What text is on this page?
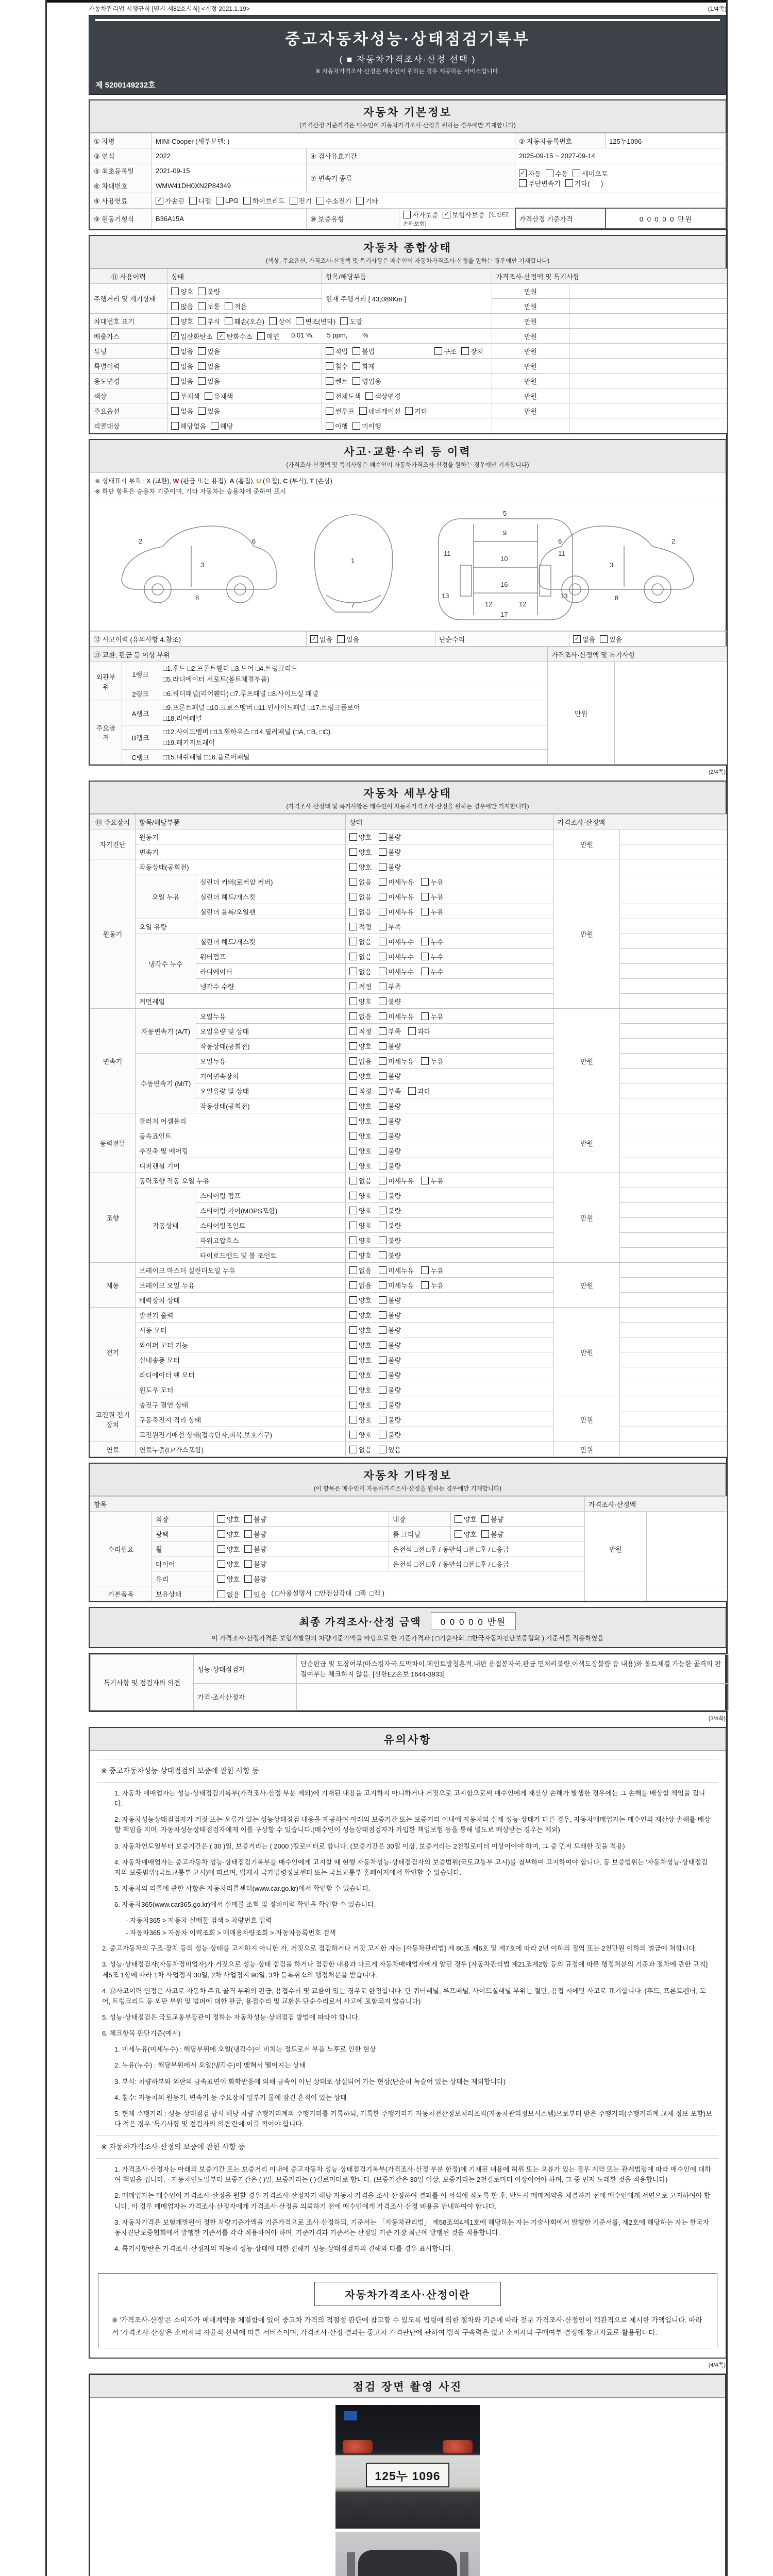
자동차관리법 시행규칙 [별지 제82호서식] <개정 2021.1.19>	(1/4쪽)
중고자동차성능·상태점검기록부
( ■ 자동차가격조사·산정 선택 )
※ 자동차가격조사·산정은 매수인이 원하는 경우 제공하는 서비스입니다.
제 5200149232호
자동차 기본정보
(가격산정 기준가격은 매수인이 자동차가격조사·산정을 원하는 경우에만 기재합니다)
① 차명	MINI Cooper (세부모델: )			② 자동차등록번호	125누1096
③ 연식	2022	④ 검사유효기간		2025-09-15 ~ 2027-09-14	
⑤ 최초등록일	2021-09-15	⑦ 변속기 종류	
✓ 자동 수동 세미오토
무단변속기 기타(      )

⑥ 차대번호	WMW41DH0XN2P84349				
⑧ 사용연료	✓ 가솔린 디젤 LPG 하이브리드 전기 수소전기 기타

⑨ 원동기형식	B36A15A	⑩ 보증유형	자가보증 ✓ 보험사보증 [신한EZ손해보험]	가격산정 기준가격	0 0 0 0 0 만원
자동차 종합상태
(색상, 주요옵션, 가격조사·산정액 및 특기사항은 매수인이 자동차가격조사·산정을 원하는 경우에만 기재합니다)
⑪ 사용이력	상태	항목/해당부품	가격조사·산정액 및 특기사항	
주행거리 및 계기상태	양호 불량	현재 주행거리 [ 43,089Km ]	만원	

	많음 보통 적음		만원	
차대번호 표기	양호 부식 훼손(오손) 상이 변조(변타) 도말	만원	
배출가스	✓ 일산화탄소 ✓ 탄화수소 매연 0.01 %,       5 ppm,        %	만원	
튜닝	없음 있음	적법 불법 구조 장치	만원	
특별이력	없음 있음	침수 화재	만원	
용도변경	없음 있음	렌트 영업용	만원	
색상	무채색 유채색	전체도색 색상변경	만원	
주요옵션	없음 있음	썬루프 네비게이션 기타	만원	
리콜대상	해당없음 해당	이행 미이행		

사고·교환·수리 등 이력
(가격조사·산정액 및 특기사항은 매수인이 자동차가격조사·산정을 원하는 경우에만 기재합니다)
※ 상태표시 부호 : X (교환), W (판금 또는 용접), A (흠집), U (요철), C (부식), T (손상)
※ 하단 항목은 승용차 기준이며, 기타 자동차는 승용차에 준하여 표시
2
3
6
8
1
7
5
9
11	11
12	12
13	13
10
16
17
2
3
6
8
⑫ 사고이력 (유의사항 4.참조)	✓ 없음 있음	단순수리	✓ 없음 있음
⑬ 교환, 판금 등 이상 부위			가격조사·산정액 및 특기사항	
외판부위	1랭크	□1.후드 □2.프론트휀더 □3.도어 □4.트렁크리드
□5.라디에이터 서포트(볼트체결부품)	만원	
	2랭크	□6.쿼터패널(리어휀다) □7.루프패널 □8.사이드실 패널		

주요골격	A랭크	□9.프론트패널 □10.크로스멤버 □11.인사이드패널 □17.트렁크플로어
□18.리어패널		

	B랭크	□12.사이드멤버 □13.휠하우스 □14.필러패널 (□A, □B, □C)
□19.패키지트레이		

	C랭크	□15.대쉬패널 □16.플로어패널		
(2/4쪽)
자동차 세부상태
(가격조사·산정액 및 특기사항은 매수인이 자동차가격조사·산정을 원하는 경우에만 기재합니다)
⑭ 주요장치	항목/해당부품		상태	가격조사·산정액	
자기진단	원동기		양호 불량	만원	
	변속기		양호 불량		

원동기	작동상태(공회전)		양호 불량	만원	
	오일 누유	실린더 커버(로커암 커버)	없음 미세누유 누유		

		실린더 헤드/개스킷	없음 미세누유 누유		

		실린더 블록/오일팬	없음 미세누유 누유		

	오일 유량		적정 부족		

	냉각수 누수	실린더 헤드/개스킷	없음 미세누수 누수		

		워터펌프	없음 미세누수 누수		

		라디에이터	없음 미세누수 누수		

		냉각수 수량	적정 부족		

	커먼레일		양호 불량		

변속기	자동변속기 (A/T)	오일누유	없음 미세누유 누유	만원	
		오일유량 및 상태	적정 부족 과다		

		작동상태(공회전)	양호 불량		

	수동변속기 (M/T)	오일누유	없음 미세누유 누유		

		기어변속장치	양호 불량		

		오일유량 및 상태	적정 부족 과다		

		작동상태(공회전)	양호 불량		

동력전달	클러치 어셈블리		양호 불량	만원	
	등속죠인트		양호 불량		

	추진축 및 베어링		양호 불량		

	디퍼렌셜 기어		양호 불량		

조향	동력조향 작동 오일 누유		없음 미세누유 누유	만원	
	작동상태	스티어링 펌프	양호 불량		

		스티어링 기어(MDPS포함)	양호 불량		

		스티어링조인트	양호 불량		

		파워고압호스	양호 불량		

		타이로드엔드 및 볼 조인트	양호 불량		

제동	브레이크 마스터 실린더오일 누유		없음 미세누유 누유	만원	
	브레이크 오일 누유		없음 미세누유 누유		

	배력장치 상태		양호 불량		

전기	발전기 출력		양호 불량	만원	
	시동 모터		양호 불량		

	와이퍼 모터 기능		양호 불량		

	실내송풍 모터		양호 불량		

	라디에이터 팬 모터		양호 불량		

	윈도우 모터		양호 불량		

고전원 전기장치	충전구 절연 상태		양호 불량	만원	
	구동축전지 격리 상태		양호 불량		

	고전원전기배선 상태(접속단자,피복,보호기구)		양호 불량		

연료	연료누출(LP가스포함)		없음 있음	만원	
자동차 기타정보
(이 항목은 매수인이 자동차가격조사·산정을 원하는 경우에만 기재합니다)
항목					가격조사·산정액	
수리필요	외장	양호 불량	내장	양호 불량	만원	
	광택	양호 불량	룸 크리닝	양호 불량		

	휠	양호 불량	운전석 □전 □후 / 동반석 □전 □후 / □응급			
	타이어	양호 불량	운전석 □전 □후 / 동반석 □전 □후 / □응급			
	유리	양호 불량				

기본품목	보유상태	없음 있음 ( □사용설명서  □안전삼각대  □잭  □잭 )				
최종 가격조사·산정 금액	0 0 0 0 0 만원
이 가격조사·산정가격은 보험개발원의 차량기준가액을 바탕으로 한 기준가격과 ( □기술사회, □한국자동차진단보증협회 ) 기준서를 적용하였음
특기사항 및 점검자의 의견	성능·상태점검자	단순판금 및 도장여부(마스킹자국,도막차이,페인트방청흔적,내판 용접봉자국,판금 면처리불량,이색도장불량 등 내용)와 볼트체결 가능한 골격의 판결여부는 체크하지 않음. [신한EZ손보:1644-3933]
	가격·조사산정자	
(3/4쪽)
유의사항
※ 중고자동차성능·상태점검의 보증에 관한 사항 등
1. 자동차 매매업자는 성능·상태점검기록부(가격조사·산정 부분 제외)에 기재된 내용을 고지하지 아니하거나 거짓으로 고지함으로써 매수인에게 재산상 손해가 발생한 경우에는 그 손해를 배상할 책임을 집니다.
2. 자동차성능상태점검자가 거짓 또는 오류가 있는 성능상태점검 내용을 제공하여 아래의 보증기간 또는 보증거리 이내에 자동차의 실제 성능·상태가 다른 경우, 자동차매매업자는 매수인의 재산상 손해를 배상할 책임을 지며, 자동차성능상태점검자에게 이를 구상할 수 있습니다.(매수인이 성능상태점검자가 가입한 책임보험 등을 통해 별도로 배상받는 경우는 제외)
3. 자동차인도일부터 보증기간은 ( 30 )일, 보증거리는 ( 2000 )킬로미터로 합니다. (보증기간은 30일 이상, 보증거리는 2천킬로미터 이상이어야 하며, 그 중 먼저 도래한 것을 적용)
4. 자동차매매업자는 중고자동차 성능·상태점검기록부를 매수인에게 고지할 때 현행 자동차성능·상태점검자의 보증범위(국토교통부 고시)를 첨부하여 고지하여야 합니다. 동 보증범위는 '자동차성능·상태점검자의 보증범위'(국토교통부 고시)에 따르며, 법제처 국가법령정보센터 또는 국토교통부 홈페이지에서 확인할 수 있습니다.
5. 자동차의 리콜에 관한 사항은 자동차리콜센터(www.car.go.kr)에서 확인할 수 있습니다.
6. 자동차365(www.car365.go.kr)에서 실매물 조회 및 정비이력 확인을 확인할 수 있습니다.
- 자동차365 > 자동차 실매물 검색 > 차량번호 입력
- 자동차365 > 자동차 이력조회 > 매매용차량조회 > 자동차등록번호 검색
2. 중고자동차의 구조·장치 등의 성능·상태를 고지하지 아니한 자, 거짓으로 점검하거나 거짓 고지한 자는 [자동차관리법] 제 80조 제6호 및 제7호에 따라 2년 이하의 징역 또는 2천만원 이하의 벌금에 처합니다.
3. 성능·상태점검자(자동차정비업자)가 거짓으로 성능·상태 점검을 하거나 점검한 내용과 다르게 자동차매매업자에게 알린 경우 [자동차관리법 제21조제2항 등의 규정에 따른 행정처분의 기준과 절차에 관한 규칙] 제5조 1항에 따라 1차 사업정지 30일, 2차 사업정지 90일, 3차 등록취소의 행정처분을 받습니다.
4. ⑫사고이력 인정은 사고로 자동차 주요 골격 부위의 판금, 용접수리 및 교환이 있는 경우로 한정합니다. 단 쿼터패널, 루프패널, 사이드실패널 부위는 절단, 용접 시에만 사고로 표기합니다. (후드, 프론트펜더, 도어, 트렁크리드 등 외판 부위 및 범퍼에 대한 판금, 용접수리 및 교환은 단순수리로서 사고에 포함되지 않습니다)
5. 성능·상태점검은 국토교통부장관이 정하는 자동차성능·상태점검 방법에 따라야 합니다.
6. 체크항목 판단기준(예시)
1. 미세누유(미세누수) : 해당부위에 오일(냉각수)이 비치는 정도로서 부품 노후로 인한 현상
2. 누유(누수) : 해당부위에서 오일(냉각수)이 맺혀서 떨어지는 상태
3. 부식: 차량하부와 외판의 금속표면이 화학반응에 의해 금속이 아닌 상태로 상실되어 가는 현상(단순히 녹슬어 있는 상태는 제외합니다)
4. 침수: 자동차의 원동기, 변속기 등 주요장치 일부가 물에 잠긴 흔적이 있는 상태
5. 현재 주행거리 : 성능·상태점검 당시 해당 차량 주행거리계의 주행거리를 기록하되, 기록한 주행거리가 자동차전산정보처리조직(자동차관리정보시스템)으로부터 받은 주행거리(주행거리계 교체 정보 포함)보다 적은 경우 '특기사항 및 점검자의 의견'란에 이를 적어야 합니다.
※ 자동차가격조사·산정의 보증에 관한 사항 등
1. 가격조사·산정자는 아래의 보증기간 또는 보증거리 이내에 중고자동차 성능·상태점검기록부(가격조사·산정 부분 한정)에 기재된 내용에 허위 또는 오류가 있는 경우 계약 또는 관계법령에 따라 매수인에 대하여 책임을 집니다. · 자동차인도일부터 보증기간은 ( )일, 보증거리는 ( )킬로미터로 합니다. (보증기간은 30일 이상, 보증거리는 2천킬로미터 이상이어야 하며, 그 중 먼저 도래한 것을 적용합니다)
2. 매매업자는 매수인이 가격조사·산정을 원할 경우 가격조사·산정자가 해당 자동차 가격을 조사·산정하여 결과를 이 서식에 적도록 한 후, 반드시 매매계약을 체결하기 전에 매수인에게 서면으로 고지하여야 합니다. 이 경우 매매업자는 가격조사·산정자에게 가격조사·산정을 의뢰하기 전에 매수인에게 가격조사·산정 비용을 안내하여야 합니다.
3. 자동차가격은 보험개발원이 정한 차량기준가액을 기준가격으로 조사·산정하되, 기준서는 「자동차관리법」 제58조의4제1호에 해당하는 자는 기술사회에서 발행한 기준서를, 제2호에 해당하는 자는 한국자동차진단보증협회에서 발행한 기준서를 각각 적용하여야 하며, 기준가격과 기준서는 산정일 기준 가장 최근에 발행된 것을 적용합니다.
4. 특기사항란은 가격조사·산정자의 자동차 성능·상태에 대한 견해가 성능·상태점검자의 견해와 다를 경우 표시합니다.
자동차가격조사·산정이란
※ '가격조사·산정'은 소비자가 매매계약을 체결함에 있어 중고차 가격의 적절성 판단에 참고할 수 있도록 법령에 의한 절차와 기준에 따라 전문 가격조사·산정인이 객관적으로 제시한 가액입니다. 따라서 '가격조사·산정'은 소비자의 자율적 선택에 따른 서비스이며, 가격조사·산정 결과는 중고차 가격판단에 관하여 법적 구속력은 없고 소비자의 구매여부 결정에 참고자료로 활용됩니다.
(4/4쪽)
점검 장면 촬영 사진
125누 1096
